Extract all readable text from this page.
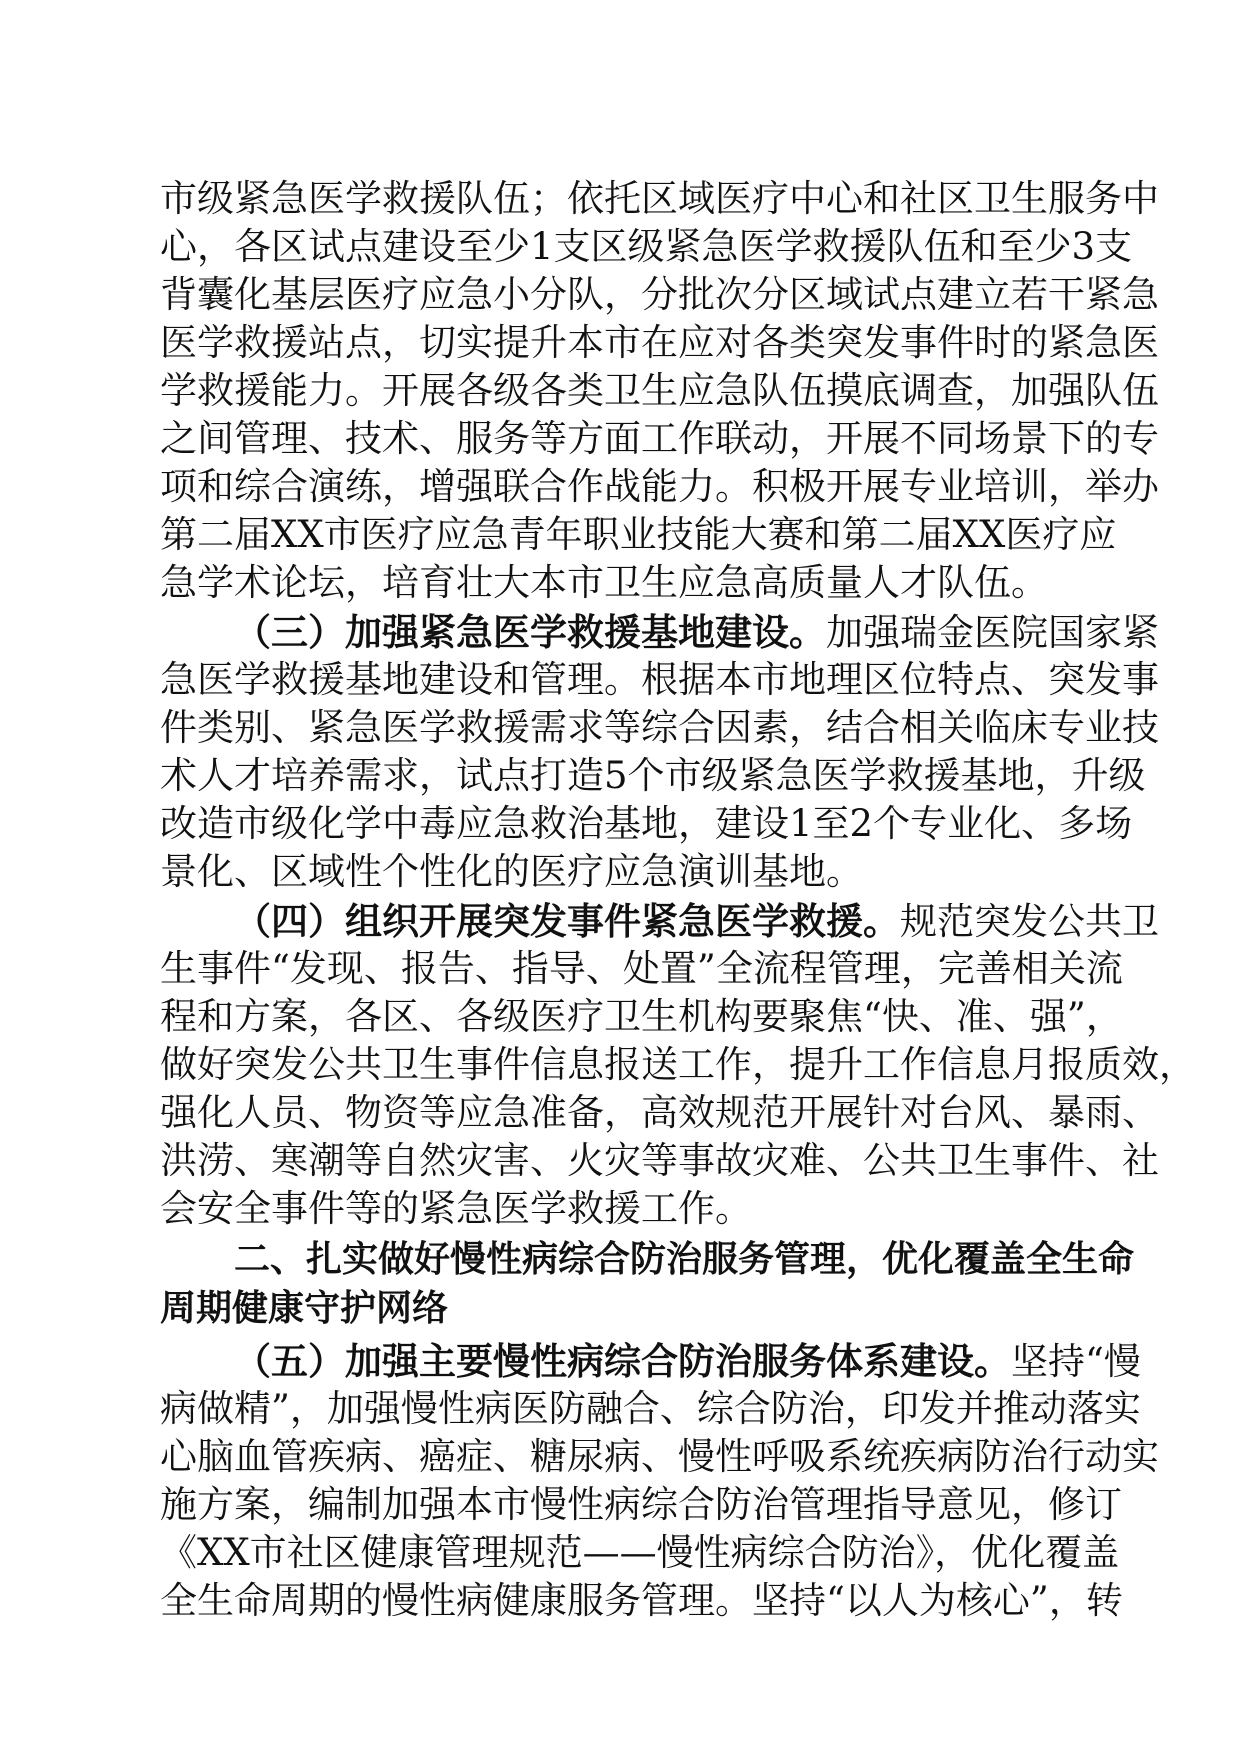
市级紧急医学救援队伍；依托区域医疗中心和社区卫生服务中
心，各区试点建设至少1支区级紧急医学救援队伍和至少3支
背囊化基层医疗应急小分队，分批次分区域试点建立若干紧急
医学救援站点，切实提升本市在应对各类突发事件时的紧急医
学救援能力。开展各级各类卫生应急队伍摸底调查，加强队伍
之间管理、技术、服务等方面工作联动，开展不同场景下的专
项和综合演练，增强联合作战能力。积极开展专业培训，举办
第二届XX市医疗应急青年职业技能大赛和第二届XX医疗应
急学术论坛，培育壮大本市卫生应急高质量人才队伍。
（三）加强紧急医学救援基地建设。加强瑞金医院国家紧
急医学救援基地建设和管理。根据本市地理区位特点、突发事
件类别、紧急医学救援需求等综合因素，结合相关临床专业技
术人才培养需求，试点打造5个市级紧急医学救援基地，升级
改造市级化学中毒应急救治基地，建设1至2个专业化、多场
景化、区域性个性化的医疗应急演训基地。
（四）组织开展突发事件紧急医学救援。规范突发公共卫
生事件“发现、报告、指导、处置”全流程管理，完善相关流
程和方案，各区、各级医疗卫生机构要聚焦“快、准、强”，
做好突发公共卫生事件信息报送工作，提升工作信息月报质效，
强化人员、物资等应急准备，高效规范开展针对台风、暴雨、
洪涝、寒潮等自然灾害、火灾等事故灾难、公共卫生事件、社
会安全事件等的紧急医学救援工作。
二、扎实做好慢性病综合防治服务管理，优化覆盖全生命
周期健康守护网络
（五）加强主要慢性病综合防治服务体系建设。坚持“慢
病做精”，加强慢性病医防融合、综合防治，印发并推动落实
心脑血管疾病、癌症、糖尿病、慢性呼吸系统疾病防治行动实
施方案，编制加强本市慢性病综合防治管理指导意见，修订
《XX市社区健康管理规范——慢性病综合防治》，优化覆盖
全生命周期的慢性病健康服务管理。坚持“以人为核心”，转
